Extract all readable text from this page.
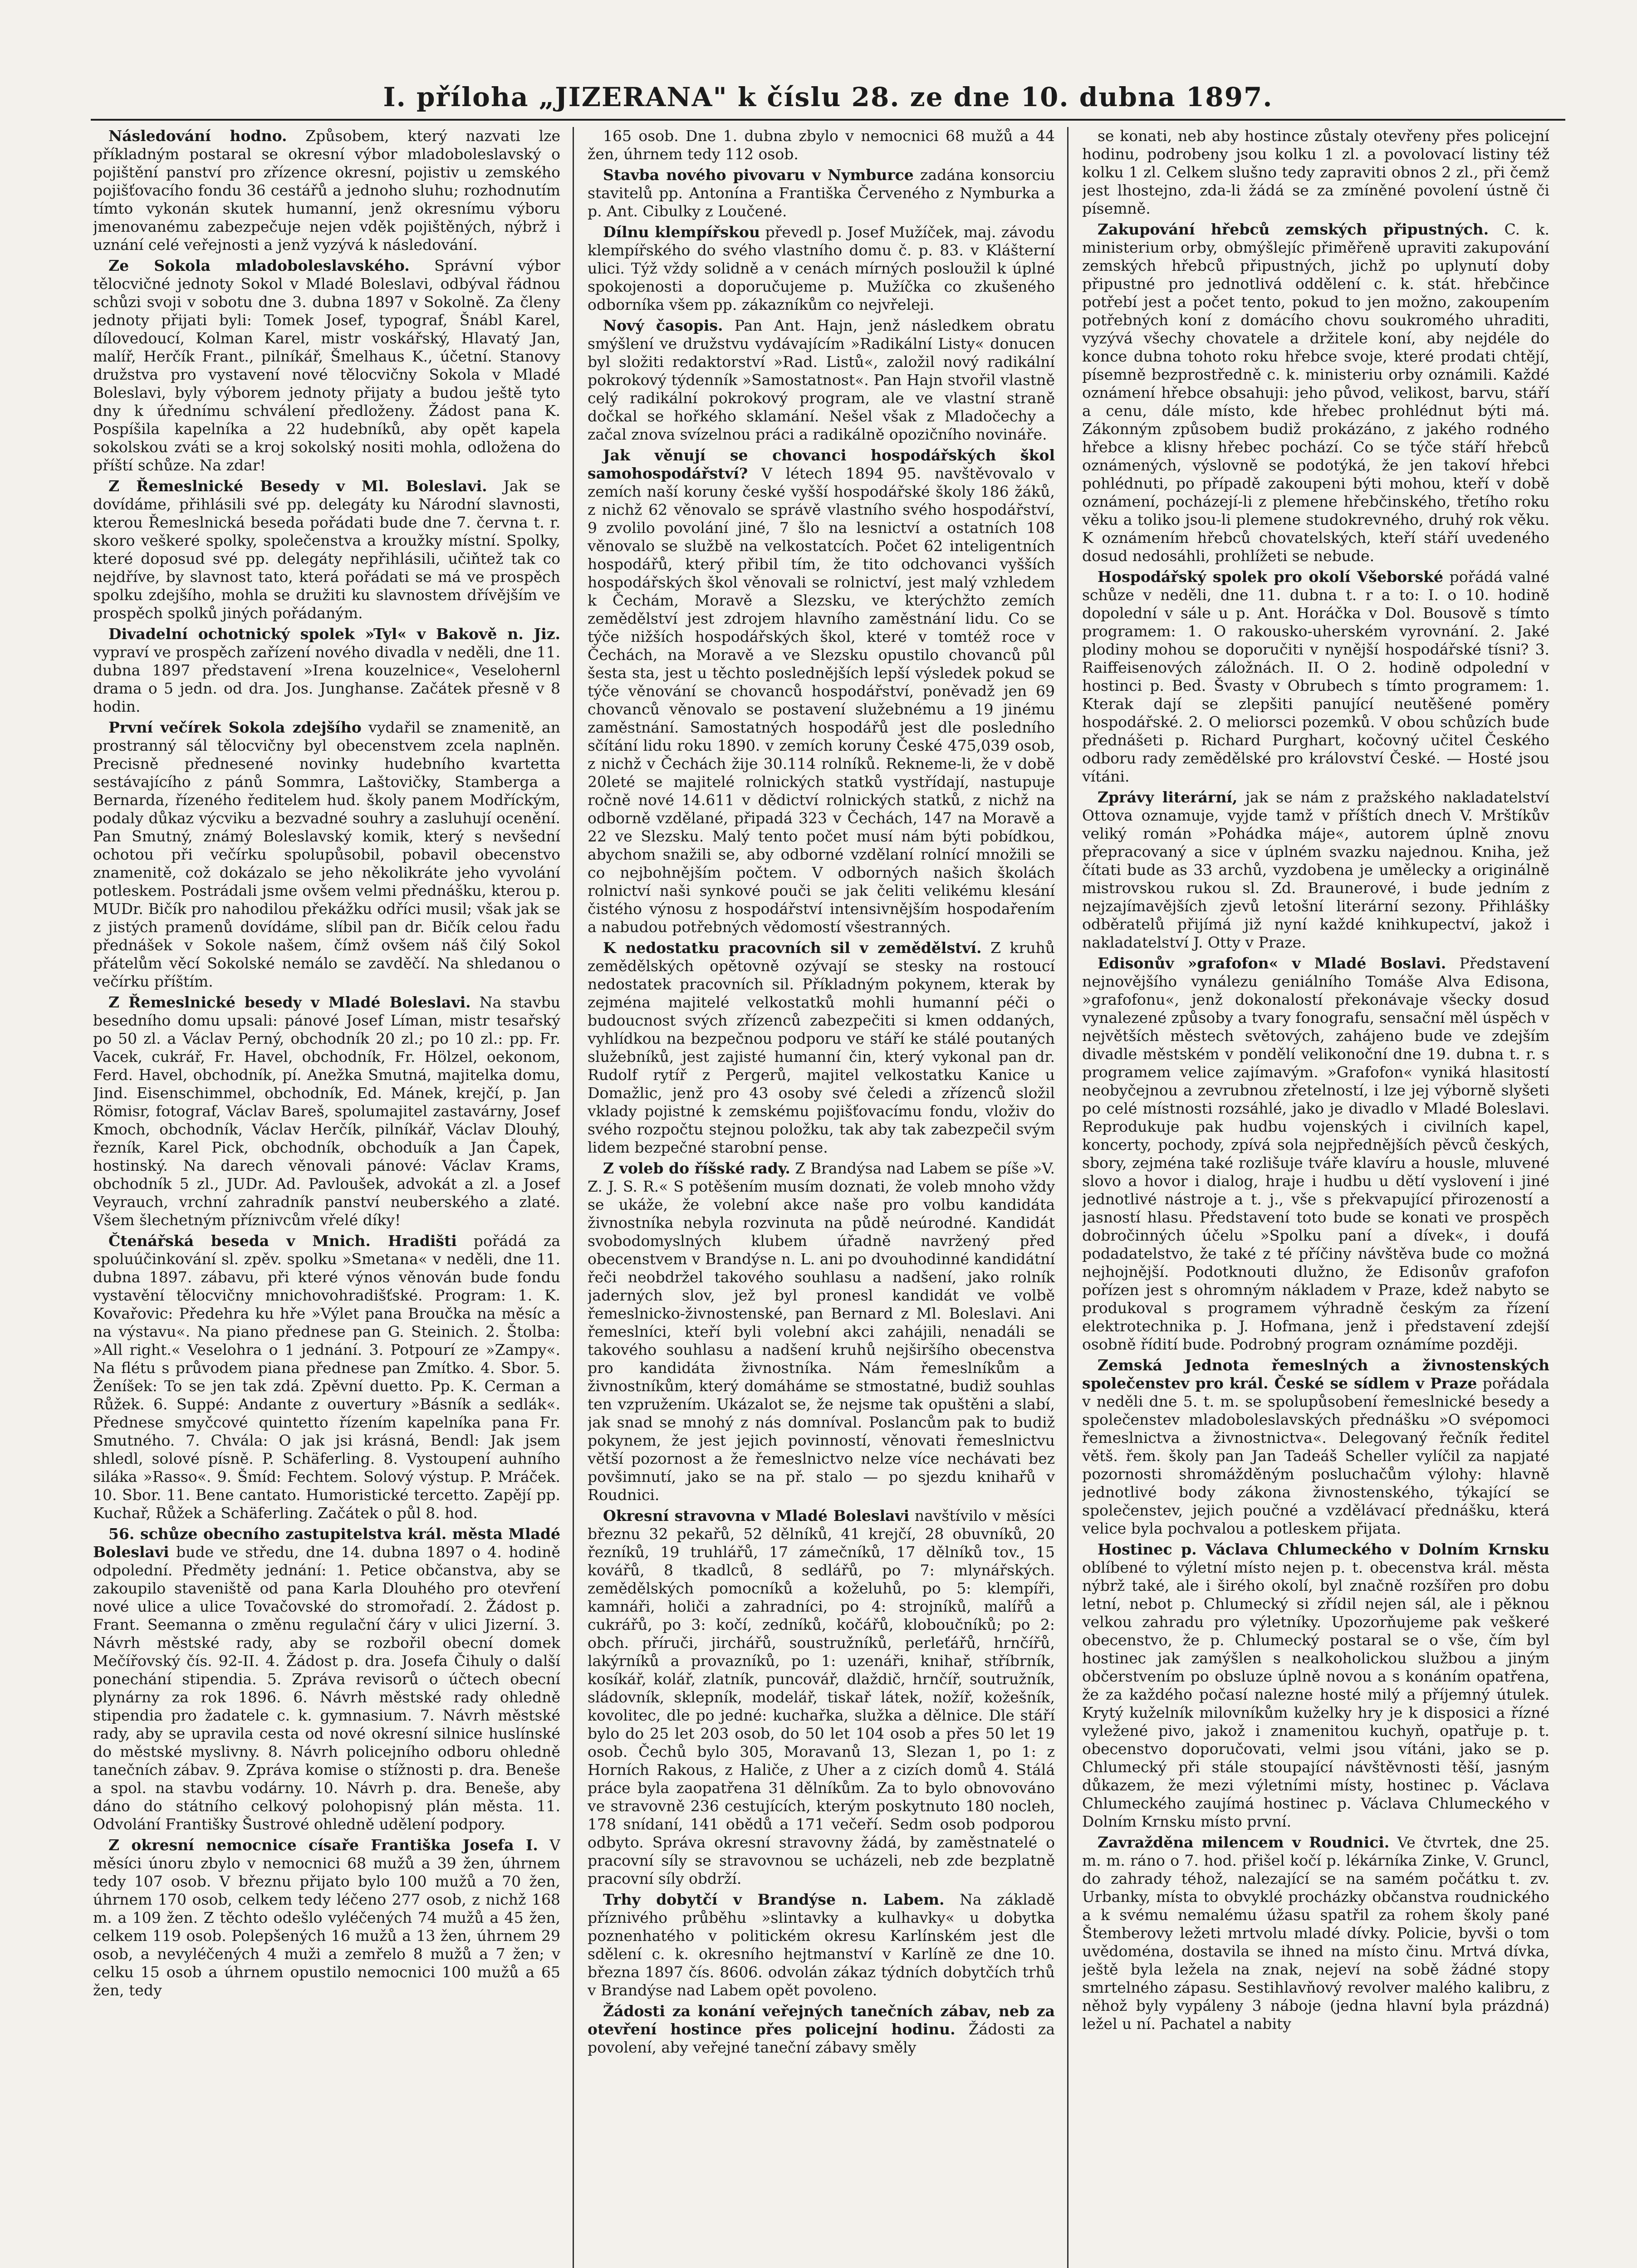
I. příloha „JIZERANA" k číslu 28. ze dne 10. dubna 1897.

Následování hodno. Způsobem, který nazvati lze příkladným postaral se okresní výbor mladoboleslavský o pojištění panství pro zřízence okresní, pojistiv u zemského pojišťovacího fondu 36 cestářů a jednoho sluhu; rozhodnutím tímto vykonán skutek humanní, jenž okresnímu výboru jmenovanému zabezpečuje nejen vděk pojištěných, nýbrž i uznání celé veřejnosti a jenž vyzývá k následování.

Ze Sokola mladoboleslavského. Správní výbor tělocvičné jednoty Sokol v Mladé Boleslavi, odbýval řádnou schůzi svoji v sobotu dne 3. dubna 1897 v Sokolně. Za členy jednoty přijati byli: Tomek Josef, typograf, Šnábl Karel, dílovedoucí, Kolman Karel, mistr voskářský, Hlavatý Jan, malíř, Herčík Frant., pilníkář, Šmelhaus K., účetní. Stanovy družstva pro vystavení nové tělocvičny Sokola v Mladé Boleslavi, byly výborem jednoty přijaty a budou ještě tyto dny k úřednímu schválení předloženy. Žádost pana K. Pospíšila kapelníka a 22 hudebníků, aby opět kapela sokolskou zváti se a kroj sokolský nositi mohla, odložena do příští schůze. Na zdar!

Z Řemeslnické Besedy v Ml. Boleslavi. Jak se dovídáme, přihlásili své pp. delegáty ku Národní slavnosti, kterou Řemeslnická beseda pořádati bude dne 7. června t. r. skoro veškeré spolky, společenstva a kroužky místní. Spolky, které doposud své pp. delegáty nepřihlásili, učiňtež tak co nejdříve, by slavnost tato, která pořádati se má ve prospěch spolku zdejšího, mohla se družiti ku slavnostem dřívějším ve prospěch spolků jiných pořádaným.

Divadelní ochotnický spolek »Tyl« v Bakově n. Jiz. vypraví ve prospěch zařízení nového divadla v neděli, dne 11. dubna 1897 představení »Irena kouzelnice«, Veselohernl drama o 5 jedn. od dra. Jos. Junghanse. Začátek přesně v 8 hodin.

První večírek Sokola zdejšího vydařil se znamenitě, an prostranný sál tělocvičny byl obecenstvem zcela naplněn. Precisně přednesené novinky hudebního kvartetta sestávajícího z pánů Sommra, Laštovičky, Stamberga a Bernarda, řízeného ředitelem hud. školy panem Modříckým, podaly důkaz výcviku a bezvadné souhry a zasluhují ocenění. Pan Smutný, známý Boleslavský komik, který s nevšední ochotou při večírku spolupůsobil, pobavil obecenstvo znamenitě, což dokázalo se jeho několikráte jeho vyvolání potleskem. Postrádali jsme ovšem velmi přednášku, kterou p. MUDr. Bičík pro nahodilou překážku odříci musil; však jak se z jistých pramenů dovídáme, slíbil pan dr. Bičík celou řadu přednášek v Sokole našem, čímž ovšem náš čilý Sokol přátelům věcí Sokolské nemálo se zavděčí. Na shledanou o večírku příštím.

Z Řemeslnické besedy v Mladé Boleslavi. Na stavbu besedního domu upsali: pánové Josef Líman, mistr tesařský po 50 zl. a Václav Perný, obchodník 20 zl.; po 10 zl.: pp. Fr. Vacek, cukrář, Fr. Havel, obchodník, Fr. Hölzel, oekonom, Ferd. Havel, obchodník, pí. Anežka Smutná, majitelka domu, Jind. Eisenschimmel, obchodník, Ed. Mánek, krejčí, p. Jan Römisr, fotograf, Václav Bareš, spolumajitel zastavárny, Josef Kmoch, obchodník, Václav Herčík, pilníkář, Václav Dlouhý, řezník, Karel Pick, obchodník, obchoduík a Jan Čapek, hostinský. Na darech věnovali pánové: Václav Krams, obchodník 5 zl., JUDr. Ad. Pavloušek, advokát a zl. a Josef Veyrauch, vrchní zahradník panství neuberského a zlaté. Všem šlechetným příznivcům vřelé díky!

Čtenářská beseda v Mnich. Hradišti pořádá za spoluúčinkování sl. zpěv. spolku »Smetana« v neděli, dne 11. dubna 1897. zábavu, při které výnos věnován bude fondu vystavění tělocvičny mnichovohradišťské. Program: 1. K. Kovařovic: Předehra ku hře »Výlet pana Broučka na měsíc a na výstavu«. Na piano přednese pan G. Steinich. 2. Štolba: »All right.« Veselohra o 1 jednání. 3. Potpourí ze »Zampy«. Na flétu s průvodem piana přednese pan Zmítko. 4. Sbor. 5. Ženíšek: To se jen tak zdá. Zpěvní duetto. Pp. K. Cerman a Růžek. 6. Suppé: Andante z ouvertury »Básník a sedlák«. Přednese smyčcové quintetto řízením kapelníka pana Fr. Smutného. 7. Chvála: O jak jsi krásná, Bendl: Jak jsem shledl, solové písně. P. Schäferling. 8. Vystoupení auhního silákа »Rasso«. 9. Šmíd: Fechtem. Solový výstup. P. Mráček. 10. Sbor. 11. Bene cantato. Humoristické tercetto. Zapějí pp. Kuchař, Růžek a Schäferling. Začátek o půl 8. hod.

56. schůze obecního zastupitelstva král. města Mladé Boleslavi bude ve středu, dne 14. dubna 1897 o 4. hodině odpolední. Předměty jednání: 1. Petice občanstva, aby se zakoupilo staveniště od pana Karla Dlouhého pro otevření nové ulice a ulice Tovačovské do stromořadí. 2. Žádost p. Frant. Seemannа o změnu regulační čáry v ulici Jizerní. 3. Návrh městské rady, aby se rozbořil obecní domek Mečířovský čís. 92-II. 4. Žádost p. dra. Josefa Čihuly o další ponechání stipendia. 5. Zpráva revisorů o účtech obecní plynárny za rok 1896. 6. Návrh městské rady ohledně stipendia pro žadatele c. k. gymnasium. 7. Návrh městské rady, aby se upravila cesta od nové okresní silnice huslínské do městské myslivny. 8. Návrh policejního odboru ohledně tanečních zábav. 9. Zpráva komise o stížnosti p. dra. Beneše a spol. na stavbu vodárny. 10. Návrh p. dra. Beneše, aby dáno do státního celkový polohopisný plán města. 11. Odvolání Františky Šustrové ohledně udělení podpory.

Z okresní nemocnice císaře Františka Josefa I. V měsíci únoru zbylo v nemocnici 68 mužů a 39 žen, úhrnem tedy 107 osob. V březnu přijato bylo 100 mužů a 70 žen, úhrnem 170 osob, celkem tedy léčeno 277 osob, z nichž 168 m. a 109 žen. Z těchto odešlo vyléčených 74 mužů a 45 žen, celkem 119 osob. Polepšených 16 mužů a 13 žen, úhrnem 29 osob, a nevyléčených 4 muži a zemřelo 8 mužů a 7 žen; v celku 15 osob a úhrnem opustilo nemocnici 100 mužů a 65 žen, tedy

165 osob. Dne 1. dubna zbylo v nemocnici 68 mužů a 44 žen, úhrnem tedy 112 osob.

Stavba nového pivovaru v Nymburce zadána konsorciu stavitelů pp. Antonína a Františka Červeného z Nymburka a p. Ant. Cibulky z Loučené.

Dílnu klempířskou převedl p. Josef Mužíček, maj. závodu klempířského do svého vlastního domu č. p. 83. v Klášterní ulici. Týž vždy solidně a v cenách mírných posloužil k úplné spokojenosti a doporučujeme p. Mužíčka co zkušeného odborníka všem pp. zákazníkům co nejvřeleji.

Nový časopis. Pan Ant. Hajn, jenž následkem obratu smýšlení ve družstvu vydávajícím »Radikální Listy« donucen byl složiti redaktorství »Rad. Listů«, založil nový radikální pokrokový týdenník »Samostatnost«. Pan Hajn stvořil vlastně celý radikální pokrokový program, ale ve vlastní straně dočkal se hořkého sklamání. Nešel však z Mladočechy a začal znova svízelnou práci a radikálně opozičního novináře.

Jak věnují se chovanci hospodářských škol samohospodářství? V létech 1894 95. navštěvovalo v zemích naší koruny české vyšší hospodářské školy 186 žáků, z nichž 62 věnovalo se správě vlastního svého hospodářství, 9 zvolilo povolání jiné, 7 šlo na lesnictví a ostatních 108 věnovalo se službě na velkostatcích. Počet 62 inteligentních hospodářů, který přibil tím, že tito odchovanci vyšších hospodářských škol věnovali se rolnictví, jest malý vzhledem k Čechám, Moravě a Slezsku, ve kterýchžto zemích zemědělství jest zdrojem hlavního zaměstnání lidu. Co se týče nižších hospodářských škol, které v tomtéž roce v Čechách, na Moravě a ve Slezsku opustilo chovanců půl šesta sta, jest u těchto poslednějších lepší výsledek pokud se týče věnování se chovanců hospodářství, poněvadž jen 69 chovanců věnovalo se postavení služebnému a 19 jinému zaměstnání. Samostatných hospodářů jest dle posledního sčítání lidu roku 1890. v zemích koruny České 475,039 osob, z nichž v Čechách žije 30.114 rolníků. Rekneme-li, že v době 20leté se majitelé rolnických statků vystřídají, nastupuje ročně nové 14.611 v dědictví rolnických statků, z nichž na odborně vzdělané, připadá 323 v Čechách, 147 na Moravě a 22 ve Slezsku. Malý tento počet musí nám býti pobídkou, abychom snažili se, aby odborné vzdělaní rolnící množili se co nejbohnějším počtem. V odborných našich školách rolnictví naši synkové pouči se jak čeliti velikému klesání čistého výnosu z hospodářství intensivnějším hospodařením a nabudou potřebných vědomostí všestranných.

K nedostatku pracovních sil v zemědělství. Z kruhů zemědělských opětovně ozývají se stesky na rostoucí nedostatek pracovních sil. Příkladným pokynem, kterak by zejména majitelé velkostatků mohli humanní péči o budoucnost svých zřízenců zabezpečiti si kmen oddaných, vyhlídkou na bezpečnou podporu ve stáří ke stálé poutaných služebníků, jest zajisté humanní čin, který vykonal pan dr. Rudolf rytíř z Pergerů, majitel velkostatku Kanice u Domažlic, jenž pro 43 osoby své čeledi a zřízenců složil vklady pojistné k zemskému pojišťovacímu fondu, vloživ do svého rozpočtu stejnou položku, tak aby tak zabezpečil svým lidem bezpečné starobní pense.

Z voleb do říšské rady. Z Brandýsa nad Labem se píše »V. Z. J. S. R.« S potěšením musím doznati, že voleb mnoho vždy se ukáže, že volební akce naše pro volbu kandidáta živnostníka nebyla rozvinuta na půdě neúrodné. Kandidát svobodomyslných klubem úřadně navržený před obecenstvem v Brandýse n. L. ani po dvouhodinné kandidátní řeči neobdržel takového souhlasu a nadšení, jako rolník jaderných slov, jež byl pronesl kandidát ve volbě řemeslnicko-živnostenské, pan Bernard z Ml. Boleslavi. Ani řemeslníci, kteří byli volební akci zahájili, nenadáli se takového souhlasu a nadšení kruhů nejširšího obecenstva pro kandidáta živnostníka. Nám řemeslníkům a živnostníkům, který domáháme se stmostatné, budiž souhlas ten vzpružením. Ukázalot se, že nejsme tak opuštěni a slabí, jak snad se mnohý z nás domníval. Poslancům pak to budiž pokynem, že jest jejich povinností, věnovati řemeslnictvu větší pozornost a že řemeslnictvo nelze více nechávati bez povšimnutí, jako se na př. stalo — po sjezdu knihařů v Roudnici.

Okresní stravovna v Mladé Boleslavi navštívilo v měsíci březnu 32 pekařů, 52 dělníků, 41 krejčí, 28 obuvníků, 20 řezníků, 19 truhlářů, 17 zámečníků, 17 dělníků tov., 15 kovářů, 8 tkadlců, 8 sedlářů, po 7: mlynářských. zemědělských pomocníků a koželuhů, po 5: klempíři, kamnáři, holiči a zahradníci, po 4: strojníků, malířů a cukrářů, po 3: kočí, zedníků, kočářů, kloboučníků; po 2: obch. příruči, jirchářů, soustružníků, perleťářů, hrnčířů, lakýrníků a provazníků, po 1: uzenáři, knihař, stříbrník, kosíkář, kolář, zlatník, puncovář, dlaždič, hrnčíř, soutružník, sládovník, sklepník, modelář, tiskař látek, nožíř, kožešník, kovolitec, dle po jedné: kuchařka, služka a dělnice. Dle stáří bylo do 25 let 203 osob, do 50 let 104 osob a přes 50 let 19 osob. Čechů bylo 305, Moravanů 13, Slezan 1, po 1: z Horních Rakous, z Haliče, z Uher a z cizích domů 4. Stálá práce byla zaopatřena 31 dělníkům. Za to bylo obnovováno ve stravovně 236 cestujících, kterým poskytnuto 180 nocleh, 178 snídaní, 141 obědů a 171 večeří. Sedm osob podporou odbyto. Správa okresní stravovny žádá, by zaměstnatelé o pracovní síly se stravovnou se ucházeli, neb zde bezplatně pracovní síly obdrží.

Trhy dobytčí v Brandýse n. Labem. Na základě příznivého průběhu »slintavky a kulhavky« u dobytka poznenhatého v politickém okresu Karlínském jest dle sdělení c. k. okresního hejtmanství v Karlíně ze dne 10. března 1897 čís. 8606. odvolán zákaz týdních dobytčích trhů v Brandýse nad Labem opět povoleno.

Žádosti za konání veřejných tanečních zábav, neb za otevření hostince přes policejní hodinu. Žádosti za povolení, aby veřejné taneční zábavy směly

se konati, neb aby hostince zůstaly otevřeny přes policejní hodinu, podrobeny jsou kolku 1 zl. a povolovací listiny též kolku 1 zl. Celkem slušno tedy zapraviti obnos 2 zl., při čemž jest lhostejno, zda-li žádá se za zmíněné povolení ústně či písemně.

Zakupování hřebců zemských připustných. C. k. ministerium orby, obmýšlejíc přiměřeně upraviti zakupování zemských hřebců připustných, jichž po uplynutí doby připustné pro jednotlivá oddělení c. k. stát. hřebčince potřebí jest a počet tento, pokud to jen možno, zakoupením potřebných koní z domácího chovu soukromého uhraditi, vyzývá všechy chovatele a držitele koní, aby nejdéle do konce dubna tohoto roku hřebce svoje, které prodati chtějí, písemně bezprostředně c. k. ministeriu orby oznámili. Každé oznámení hřebce obsahuji: jeho původ, velikost, barvu, stáří a cenu, dále místo, kde hřebec prohlédnut býti má. Zákonným způsobem budiž prokázáno, z jakého rodného hřebce a klisny hřebec pochází. Co se týče stáří hřebců oznámených, výslovně se podotýká, že jen takoví hřebci pohlédnuti, po případě zakoupeni býti mohou, kteří v době oznámení, pocházejí-li z plemene hřebčinského, třetího roku věku a toliko jsou-li plemene studokrevného, druhý rok věku. K oznámením hřebců chovatelských, kteří stáří uvedeného dosud nedosáhli, prohlížeti se nebude.

Hospodářský spolek pro okolí Všeborské pořádá valné schůze v neděli, dne 11. dubna t. r a to: I. o 10. hodině dopolední v sále u p. Ant. Horáčka v Dol. Bousově s tímto programem: 1. O rakousko-uherském vyrovnání. 2. Jaké plodiny mohou se doporučiti v nynější hospodářské tísni? 3. Raiffeisenových záložnách. II. O 2. hodině odpolední v hostinci p. Bed. Švasty v Obrubech s tímto programem: 1. Kterak dají se zlepšiti panující neutěšené poměry hospodářské. 2. O meliorsci pozemků. V obou schůzích bude přednášeti p. Richard Purghart, kočovný učitel Českého odboru rady zemědělské pro království České. — Hosté jsou vítáni.

Zprávy literární, jak se nám z pražského nakladatelství Ottova oznamuje, vyjde tamž v příštích dnech V. Mrštíkův veliký román »Pohádka máje«, autorem úplně znovu přepracovaný a sice v úplném svazku najednou. Kniha, jež čítati bude as 33 archů, vyzdobena je umělecky a originálně mistrovskou rukou sl. Zd. Braunerové, i bude jedním z nejzajímavějších zjevů letošní literární sezony. Přihlášky odběratelů přijímá již nyní každé knihkupectví, jakož i nakladatelství J. Otty v Praze.

Edisonův »grafofon« v Mladé Boslavi. Představení nejnovějšího vynálezu geniálního Tomáše Alva Edisona, »grafofonu«, jenž dokonalostí překonávaje všecky dosud vynalezené způsoby a tvary fonografu, sensační měl úspěch v největších městech světových, zahájeno bude ve zdejším divadle městském v pondělí velikonoční dne 19. dubna t. r. s programem velice zajímavým. »Grafofon« vyniká hlasitostí neobyčejnou a zevrubnou zřetelností, i lze jej výborně slyšeti po celé místnosti rozsáhlé, jako je divadlo v Mladé Boleslavi. Reprodukuje pak hudbu vojenských i civilních kapel, koncerty, pochody, zpívá sola nejpřednějších pěvců českých, sbory, zejména také rozlišuje tváře klavíru a housle, mluvené slovo a hovor i dialog, hraje i hudbu u dětí vyslovení i jiné jednotlivé nástroje a t. j., vše s překvapující přirozeností a jasností hlasu. Představení toto bude se konati ve prospěch dobročinných účelu »Spolku paní a dívek«, i doufá podadatelstvo, že také z té příčiny návštěva bude co možná nejhojnější. Podotknouti dlužno, že Edisonův grafofon pořízen jest s ohromným nákladem v Praze, kdež nabyto se produkoval s programem výhradně českým za řízení elektrotechnika p. J. Hofmana, jenž i představení zdejší osobně řídití bude. Podrobný program oznámíme později.

Zemská Jednota řemeslných a živnostenských společenstev pro král. České se sídlem v Praze pořádala v neděli dne 5. t. m. se spolupůsobení řemeslnické besedy a společenstev mladoboleslavských přednášku »O svépomoci řemeslnictva a živnostnictva«. Delegovaný řečník ředitel větš. řem. školy pan Jan Tadeáš Scheller vylíčil za napjaté pozornosti shromážděným posluchačům výlohy: hlavně jednotlivé body zákona živnostenského, týkající se společenstev, jejich poučné a vzdělávací přednášku, která velice byla pochvalou a potleskem přijata.

Hostinec p. Václava Chlumeckého v Dolním Krnsku oblíbené to výletní místo nejen p. t. obecenstva král. města nýbrž také, ale i širého okolí, byl značně rozšířen pro dobu letní, nebot p. Chlumecký si zřídil nejen sál, ale i pěknou velkou zahradu pro výletníky. Upozorňujeme pak veškeré obecenstvo, že p. Chlumecký postaral se o vše, čím byl hostinec jak zamýšlen s nealkoholickou službou a jiným občerstvením po obsluze úplně novou a s konáním opatřena, že za každého počasí nalezne hosté milý a příjemný útulek. Krytý kuželník milovníkům kuželky hry je k disposici a řízné vyležené pivo, jakož i znamenitou kuchyň, opatřuje p. t. obecenstvo doporučovati, velmi jsou vítáni, jako se p. Chlumecký při stále stoupající návštěvnosti těší, jasným důkazem, že mezi výletními místy, hostinec p. Václava Chlumeckého zaujímá hostinec p. Václava Chlumeckého v Dolním Krnsku místo první.

Zavražděna milencem v Roudnici. Ve čtvrtek, dne 25. m. m. ráno o 7. hod. přišel kočí p. lékárníka Zinke, V. Gruncl, do zahrady téhož, nalezající se na samém počátku t. zv. Urbanky, místa to obvyklé procházky občanstva roudnického a k svému nemalému úžasu spatřil za rohem školy pané Štemberovy ležeti mrtvolu mladé dívky. Policie, byvši o tom uvědoména, dostavila se ihned na místo činu. Mrtvá dívka, ještě byla ležela na znak, nejeví na sobě žádné stopy smrtelného zápasu. Sestihlavňový revolver malého kalibru, z něhož byly vypáleny 3 náboje (jedna hlavní byla prázdná) ležel u ní. Pachatel a nabity
